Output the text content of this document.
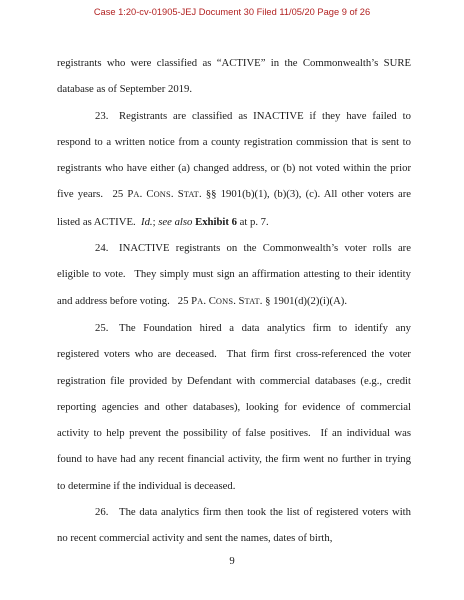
Case 1:20-cv-01905-JEJ Document 30 Filed 11/05/20 Page 9 of 26

registrants who were classified as “ACTIVE” in the Commonwealth’s SURE database as of September 2019.

23.  Registrants are classified as INACTIVE if they have failed to respond to a written notice from a county registration commission that is sent to registrants who have either (a) changed address, or (b) not voted within the prior five years.  25 PA. CONS. STAT. §§ 1901(b)(1), (b)(3), (c). All other voters are listed as ACTIVE. Id.; see also Exhibit 6 at p. 7.

24.  INACTIVE registrants on the Commonwealth’s voter rolls are eligible to vote.  They simply must sign an affirmation attesting to their identity and address before voting.  25 PA. CONS. STAT. § 1901(d)(2)(i)(A).

25.  The Foundation hired a data analytics firm to identify any registered voters who are deceased.  That firm first cross-referenced the voter registration file provided by Defendant with commercial databases (e.g., credit reporting agencies and other databases), looking for evidence of commercial activity to help prevent the possibility of false positives.  If an individual was found to have had any recent financial activity, the firm went no further in trying to determine if the individual is deceased.

26.  The data analytics firm then took the list of registered voters with no recent commercial activity and sent the names, dates of birth,

9
